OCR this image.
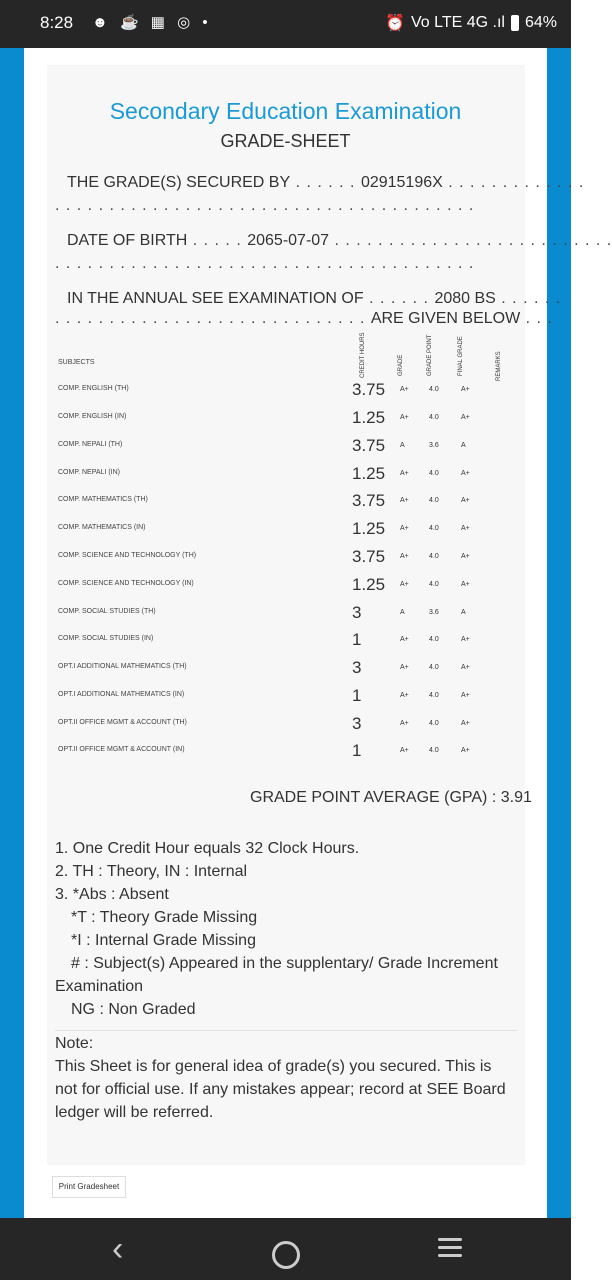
8:28 ☻ ☕ ▦ ◎ •	⏰ Vo LTE 4G .ıl 64%
Secondary Education Examination
GRADE-SHEET
THE GRADE(S) SECURED BY . . . . . . 02915196X . . . . . . . . . . . . .
. . . . . . . . . . . . . . . . . . . . . . . . . . . . . . . . . . . . . . .
DATE OF BIRTH . . . . . 2065-07-07 . . . . . . . . . . . . . . . . . . . . . . . . . .
. . . . . . . . . . . . . . . . . . . . . . . . . . . . . . . . . . . . . . .
IN THE ANNUAL SEE EXAMINATION OF . . . . . . 2080 BS . . . . . .
. . . . . . . . . . . . . . . . . . . . . . . . . . . . . ARE GIVEN BELOW . . .
SUBJECTS	CREDIT HOURS	GRADE	GRADE POINT	FINAL GRADE	REMARKS
COMP. ENGLISH (TH)	3.75 A+	4.0	A+
COMP. ENGLISH (IN)	1.25 A+	4.0	A+
COMP. NEPALI (TH)	3.75 A	3.6	A
COMP. NEPALI (IN)	1.25 A+	4.0	A+
COMP. MATHEMATICS (TH)	3.75 A+	4.0	A+
COMP. MATHEMATICS (IN)	1.25 A+	4.0	A+
COMP. SCIENCE AND TECHNOLOGY (TH)	3.75 A+	4.0	A+
COMP. SCIENCE AND TECHNOLOGY (IN)	1.25 A+	4.0	A+
COMP. SOCIAL STUDIES (TH)	3	A	3.6	A
COMP. SOCIAL STUDIES (IN)	1	A+	4.0	A+
OPT.I ADDITIONAL MATHEMATICS (TH)	3	A+	4.0	A+
OPT.I ADDITIONAL MATHEMATICS (IN)	1	A+	4.0	A+
OPT.II OFFICE MGMT & ACCOUNT (TH)	3	A+	4.0	A+
OPT.II OFFICE MGMT & ACCOUNT (IN)	1	A+	4.0	A+
GRADE POINT AVERAGE (GPA) : 3.91
1. One Credit Hour equals 32 Clock Hours.
2. TH : Theory, IN : Internal
3. *Abs : Absent
*T : Theory Grade Missing
*I : Internal Grade Missing
# : Subject(s) Appeared in the supplentary/ Grade Increment
Examination
NG : Non Graded
Note:
This Sheet is for general idea of grade(s) you secured. This is not for official use. If any mistakes appear; record at SEE Board ledger will be referred.
Print Gradesheet
‹
